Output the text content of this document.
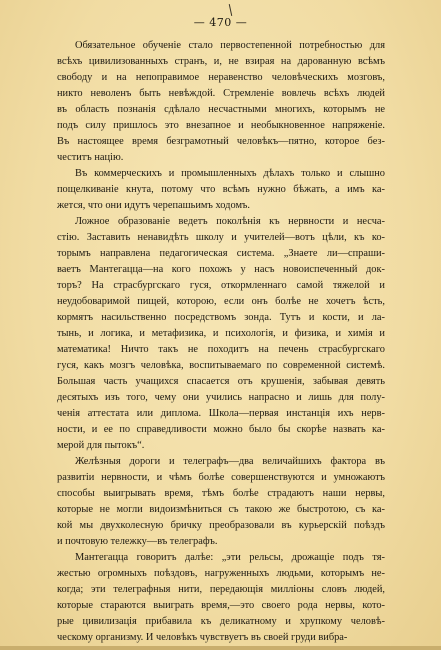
— 470 —
Обязательное обученіе стало первостепенной потребностью для
всѣхъ цивилизованныхъ странъ, и, не взирая на дарованную всѣмъ
свободу и на непоправимое неравенство человѣческихъ мозговъ,
никто неволенъ быть невѣждой. Стремленіе вовлечь всѣхъ людей
въ область познанія сдѣлало несчастными многихъ, которымъ не
подъ силу пришлось это внезапное и необыкновенное напряженіе.
Въ настоящее время безграмотный человѣкъ—пятно, которое без-
честитъ націю.
Въ коммерческихъ и промышленныхъ дѣлахъ только и слышно
пощелкиваніе кнута, потому что всѣмъ нужно бѣжать, а имъ ка-
жется, что они идутъ черепашьимъ ходомъ.
Ложное образованіе ведетъ поколѣнія къ нервности и несча-
стію. Заставить ненавидѣть школу и учителей—вотъ цѣли, къ ко-
торымъ направлена педагогическая система. „Знаете ли—спраши-
ваетъ Мантегацца—на кого похожъ у насъ новоиспеченный док-
торъ? На страсбургскаго гуся, откормленнаго самой тяжелой и
неудобоваримой пищей, которою, если онъ болѣе не хочетъ ѣсть,
кормятъ насильственно посредствомъ зонда. Тутъ и кости, и ла-
тынь, и логика, и метафизика, и психологія, и физика, и химія и
математика! Ничто такъ не походитъ на печень страсбургскаго
гуся, какъ мозгъ человѣка, воспитываемаго по современной системѣ.
Большая часть учащихся спасается отъ крушенія, забывая девять
десятыхъ изъ того, чему они учились напрасно и лишь для полу-
ченія аттестата или диплома. Школа—первая инстанція ихъ нерв-
ности, и ее по справедливости можно было бы скорѣе назвать ка-
мерой для пытокъ“.
Желѣзныя дороги и телеграфъ—два величайшихъ фактора въ
развитіи нервности, и чѣмъ болѣе совершенствуются и умножаютъ
способы выигрывать время, тѣмъ болѣе страдаютъ наши нервы,
которые не могли видоизмѣниться съ такою же быстротою, съ ка-
кой мы двухколесную бричку преобразовали въ курьерскій поѣздъ
и почтовую тележку—въ телеграфъ.
Мантегацца говоритъ далѣе: „эти рельсы, дрожащіе подъ тя-
жестью огромныхъ поѣздовъ, нагруженныхъ людьми, которымъ не-
когда; эти телеграфныя нити, передающія милліоны словъ людей,
которые стараются выиграть время,—это своего рода нервы, кото-
рые цивилизація прибавила къ деликатному и хрупкому человѣ-
ческому организму. И человѣкъ чувствуетъ въ своей груди вибра-
